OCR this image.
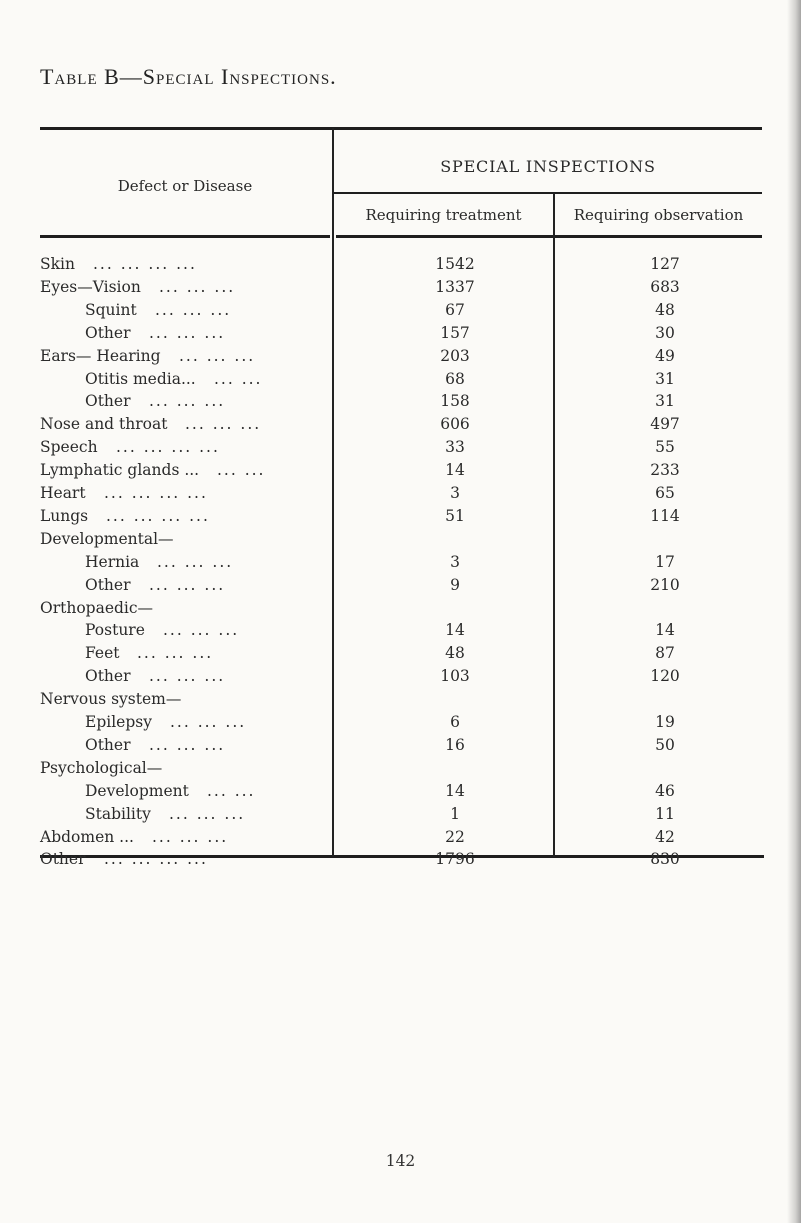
Table B—Special Inspections.
Defect or Disease
SPECIAL INSPECTIONS
Requiring treatment	Requiring observation
Skin ... ... ... ...	1542	127
Eyes—Vision ... ... ...	1337	683
Squint ... ... ...	67	48
Other ... ... ...	157	30
Ears— Hearing ... ... ...	203	49
Otitis media... ... ...	68	31
Other ... ... ...	158	31
Nose and throat ... ... ...	606	497
Speech ... ... ... ...	33	55
Lymphatic glands ... ... ...	14	233
Heart ... ... ... ...	3	65
Lungs ... ... ... ...	51	114
Developmental—
Hernia ... ... ...	3	17
Other ... ... ...	9	210
Orthopaedic—
Posture ... ... ...	14	14
Feet ... ... ...	48	87
Other ... ... ...	103	120
Nervous system—
Epilepsy ... ... ...	6	19
Other ... ... ...	16	50
Psychological—
Development ... ...	14	46
Stability ... ... ...	1	11
Abdomen ... ... ... ...	22	42
Other ... ... ... ...	1796	830
142
